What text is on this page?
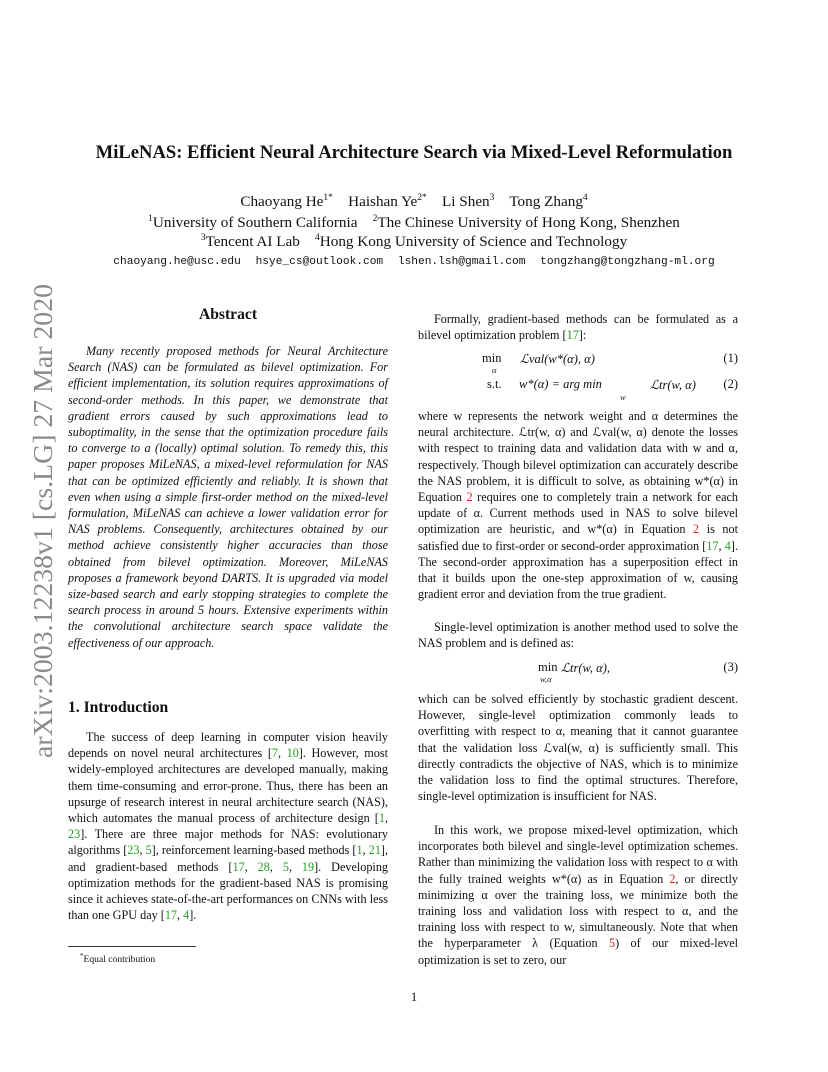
arXiv:2003.12238v1 [cs.LG] 27 Mar 2020
MiLeNAS: Efficient Neural Architecture Search via Mixed-Level Reformulation
Chaoyang $He^{1*}$ Haishan $Ye^{2*}$ Li Shen$^3$ Tong Zhang$^4$
$^1$University of Southern California $^2$The Chinese University of Hong Kong, Shenzhen
$^3$Tencent AI Lab $^4$Hong Kong University of Science and Technology
chaoyang.he@usc.edu hsye_cs@outlook.com lshen.lsh@gmail.com tongzhang@tongzhang-ml.org
Abstract
Many recently proposed methods for Neural Architecture Search (NAS) can be formulated as bilevel optimization. For efficient implementation, its solution requires approximations of second-order methods. In this paper, we demonstrate that gradient errors caused by such approximations lead to suboptimality, in the sense that the optimization procedure fails to converge to a (locally) optimal solution. To remedy this, this paper proposes MiLeNAS, a mixed-level reformulation for NAS that can be optimized efficiently and reliably. It is shown that even when using a simple first-order method on the mixed-level formulation, MiLeNAS can achieve a lower validation error for NAS problems. Consequently, architectures obtained by our method achieve consistently higher accuracies than those obtained from bilevel optimization. Moreover, MiLeNAS proposes a framework beyond DARTS. It is upgraded via model size-based search and early stopping strategies to complete the search process in around 5 hours. Extensive experiments within the convolutional architecture search space validate the effectiveness of our approach.
1. Introduction
The success of deep learning in computer vision heavily depends on novel neural architectures [7, 10]. However, most widely-employed architectures are developed manually, making them time-consuming and error-prone. Thus, there has been an upsurge of research interest in neural architecture search (NAS), which automates the manual process of architecture design [1, 23]. There are three major methods for NAS: evolutionary algorithms [23, 5], reinforcement learning-based methods [1, 21], and gradient-based methods [17, 28, 5, 19]. Developing optimization methods for the gradient-based NAS is promising since it achieves state-of-the-art performances on CNNs with less than one GPU day [17, 4].
*Equal contribution
Formally, gradient-based methods can be formulated as a bilevel optimization problem [17]:
min
α
ℒval(w*(α), α)	(1)
s.t. w*(α) = arg min
w
ℒtr(w, α) (2)
where w represents the network weight and α determines the neural architecture. ℒtr(w, α) and ℒval(w, α) denote the losses with respect to training data and validation data with w and α, respectively. Though bilevel optimization can accurately describe the NAS problem, it is difficult to solve, as obtaining w*(α) in Equation 2 requires one to completely train a network for each update of α. Current methods used in NAS to solve bilevel optimization are heuristic, and w*(α) in Equation 2 is not satisfied due to first-order or second-order approximation [17, 4]. The second-order approximation has a superposition effect in that it builds upon the one-step approximation of w, causing gradient error and deviation from the true gradient.
Single-level optimization is another method used to solve the NAS problem and is defined as:
min
w,α
ℒtr(w, α),	(3)
which can be solved efficiently by stochastic gradient descent. However, single-level optimization commonly leads to overfitting with respect to α, meaning that it cannot guarantee that the validation loss ℒval(w, α) is sufficiently small. This directly contradicts the objective of NAS, which is to minimize the validation loss to find the optimal structures. Therefore, single-level optimization is insufficient for NAS.
In this work, we propose mixed-level optimization, which incorporates both bilevel and single-level optimization schemes. Rather than minimizing the validation loss with respect to α with the fully trained weights w*(α) as in Equation 2, or directly minimizing α over the training loss, we minimize both the training loss and validation loss with respect to α, and the training loss with respect to w, simultaneously. Note that when the hyperparameter λ (Equation 5) of our mixed-level optimization is set to zero, our
1
